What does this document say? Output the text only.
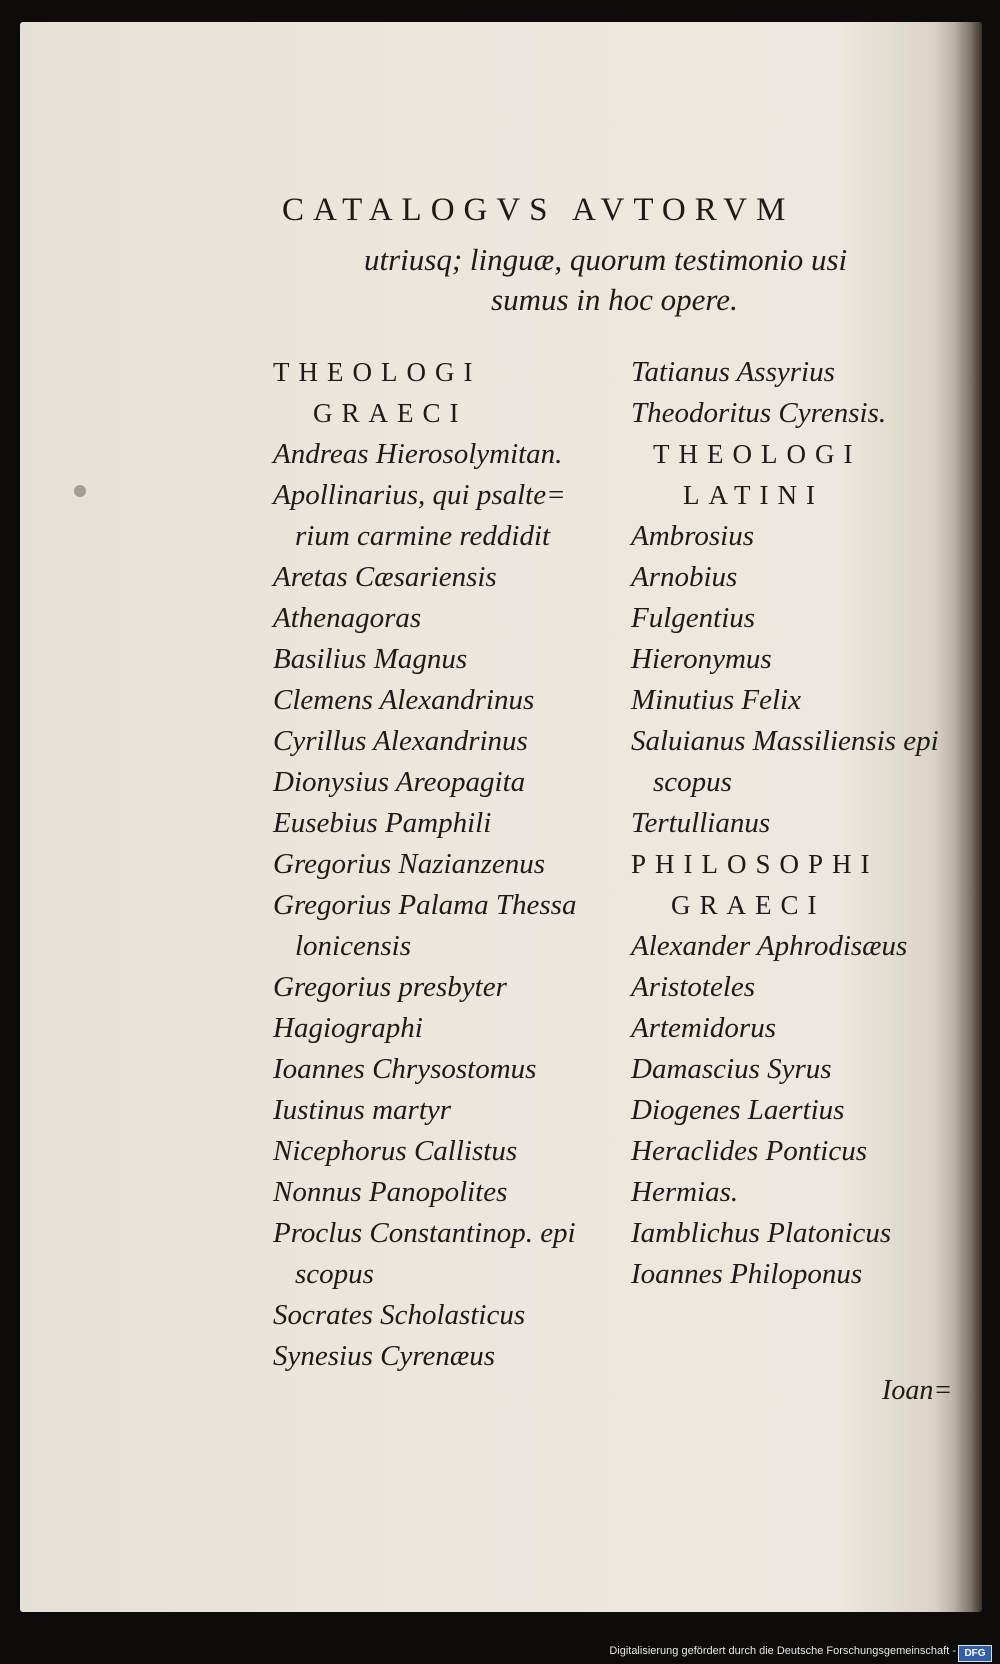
CATALOGVS AVTORVM
utriusq; linguæ, quorum testimonio usi
sumus in hoc opere.
THEOLOGI
GRAECI
Andreas Hierosolymitan.
Apollinarius, qui psalte=
rium carmine reddidit
Aretas Cæsariensis
Athenagoras
Basilius Magnus
Clemens Alexandrinus
Cyrillus Alexandrinus
Dionysius Areopagita
Eusebius Pamphili
Gregorius Nazianzenus
Gregorius Palama Thessa
lonicensis
Gregorius presbyter
Hagiographi
Ioannes Chrysostomus
Iustinus martyr
Nicephorus Callistus
Nonnus Panopolites
Proclus Constantinop. epi
scopus
Socrates Scholasticus
Synesius Cyrenæus
Tatianus Assyrius
Theodoritus Cyrensis.
THEOLOGI
LATINI
Ambrosius
Arnobius
Fulgentius
Hieronymus
Minutius Felix
Saluianus Massiliensis epi
scopus
Tertullianus
PHILOSOPHI
GRAECI
Alexander Aphrodisæus
Aristoteles
Artemidorus
Damascius Syrus
Diogenes Laertius
Heraclides Ponticus
Hermias.
Iamblichus Platonicus
Ioannes Philoponus
Ioan=
Digitalisierung gefördert durch die Deutsche Forschungsgemeinschaft - DFG
